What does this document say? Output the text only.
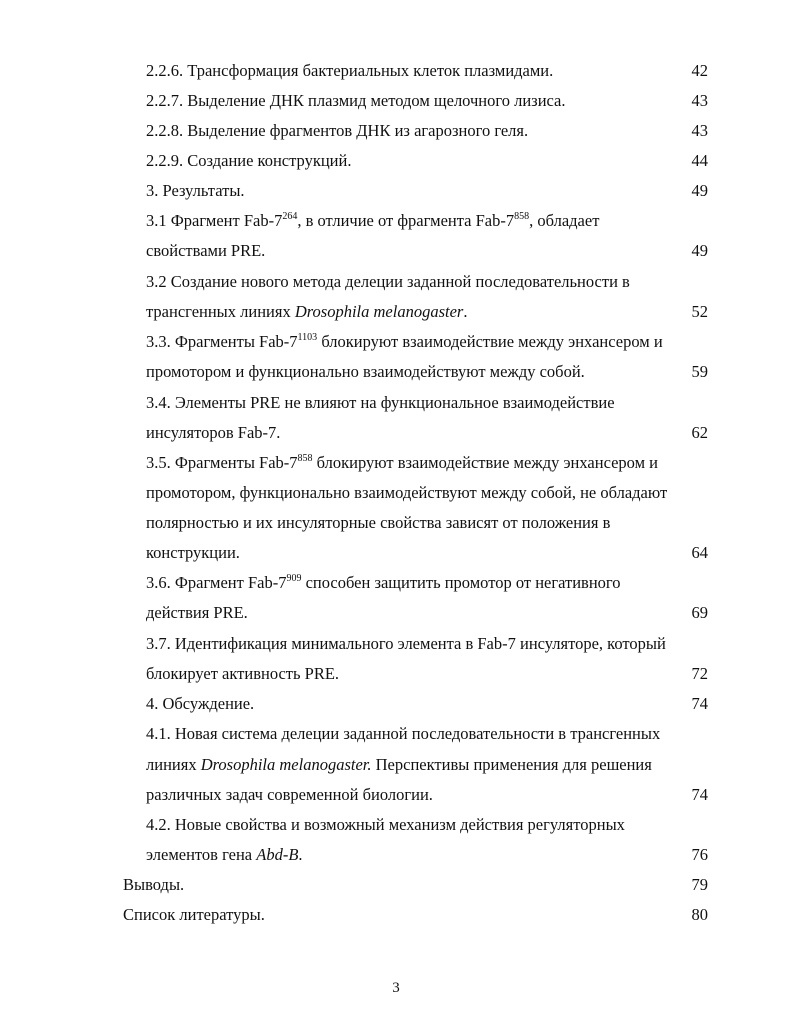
2.2.6. Трансформация бактериальных клеток плазмидами.	42
2.2.7. Выделение ДНК плазмид методом щелочного лизиса.	43
2.2.8. Выделение фрагментов ДНК из агарозного геля.	43
2.2.9. Создание конструкций.	44
3. Результаты.	49
3.1 Фрагмент Fab-$7^{264}$, в отличие от фрагмента Fab-$7^{858}$, обладает
свойствами PRE.	49
3.2 Создание нового метода делеции заданной последовательности в
трансгенных линиях Drosophila melanogaster.	52
3.3. Фрагменты Fab-$7^{1103}$ блокируют взаимодействие между энхансером и
промотором и функционально взаимодействуют между собой.	59
3.4. Элементы PRE не влияют на функциональное взаимодействие
инсуляторов Fab-7.	62
3.5. Фрагменты Fab-$7^{858}$ блокируют взаимодействие между энхансером и
промотором, функционально взаимодействуют между собой, не обладают
полярностью и их инсуляторные свойства зависят от положения в
конструкции.	64
3.6. Фрагмент Fab-$7^{909}$ способен защитить промотор от негативного
действия PRE.	69
3.7. Идентификация минимального элемента в Fab-7 инсуляторе, который
блокирует активность PRE.	72
4. Обсуждение.	74
4.1. Новая система делеции заданной последовательности в трансгенных
линиях Drosophila melanogaster. Перспективы применения для решения
различных задач современной биологии.	74
4.2. Новые свойства и возможный механизм действия регуляторных
элементов гена Abd-B.	76
Выводы.	79
Список литературы.	80
3
